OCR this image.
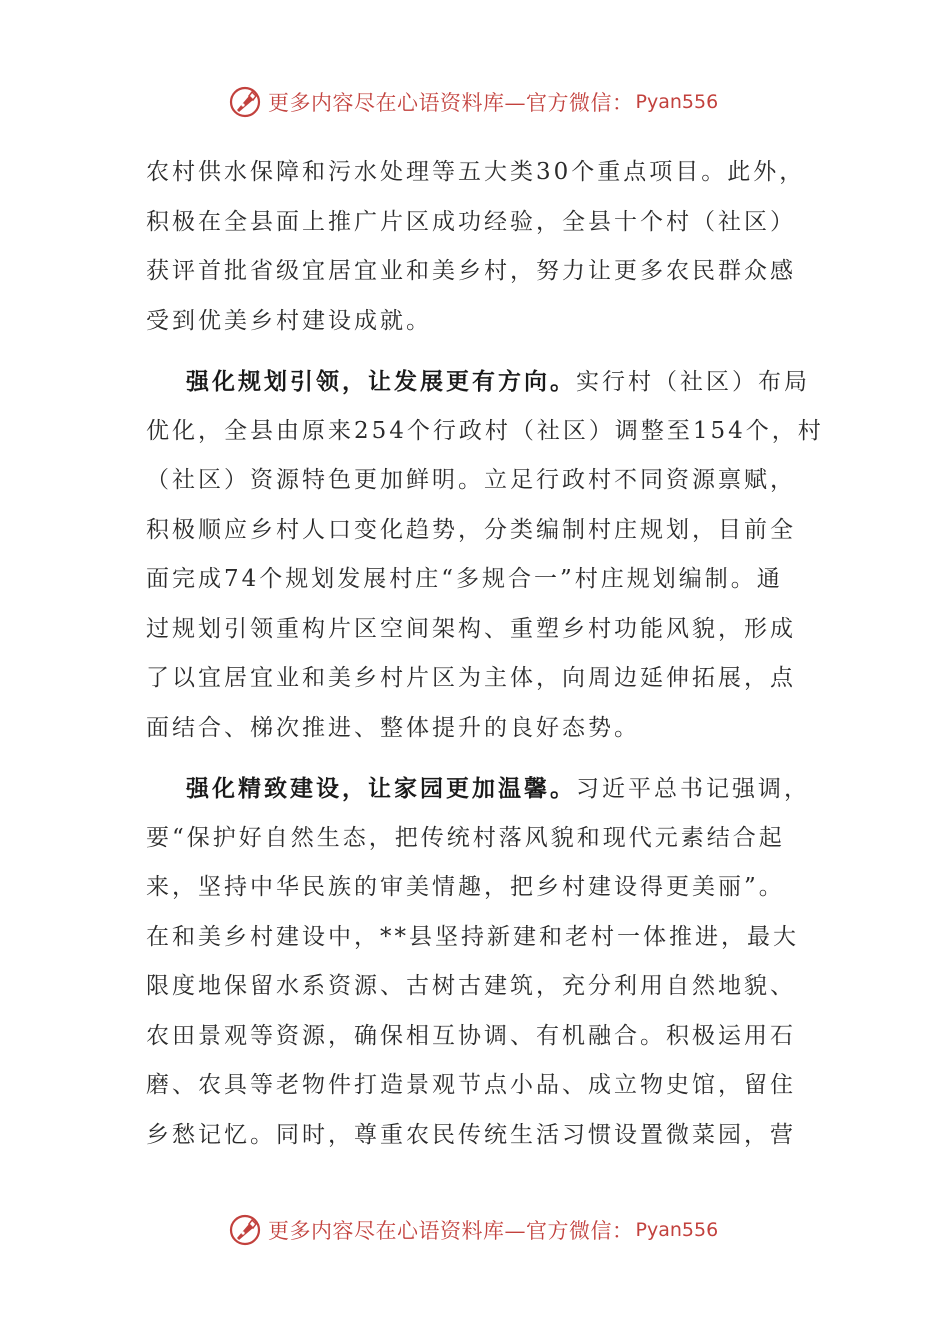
更多内容尽在心语资料库—官方微信： Pyan556
农村供水保障和污水处理等五大类30个重点项目。此外，
积极在全县面上推广片区成功经验，全县十个村（社区）
获评首批省级宜居宜业和美乡村，努力让更多农民群众感
受到优美乡村建设成就。
强化规划引领，让发展更有方向。实行村（社区）布局
优化，全县由原来254个行政村（社区）调整至154个，村
（社区）资源特色更加鲜明。立足行政村不同资源禀赋，
积极顺应乡村人口变化趋势，分类编制村庄规划，目前全
面完成74个规划发展村庄“多规合一”村庄规划编制。通
过规划引领重构片区空间架构、重塑乡村功能风貌，形成
了以宜居宜业和美乡村片区为主体，向周边延伸拓展，点
面结合、梯次推进、整体提升的良好态势。
强化精致建设，让家园更加温馨。习近平总书记强调，
要“保护好自然生态，把传统村落风貌和现代元素结合起
来，坚持中华民族的审美情趣，把乡村建设得更美丽”。
在和美乡村建设中，**县坚持新建和老村一体推进，最大
限度地保留水系资源、古树古建筑，充分利用自然地貌、
农田景观等资源，确保相互协调、有机融合。积极运用石
磨、农具等老物件打造景观节点小品、成立物史馆，留住
乡愁记忆。同时，尊重农民传统生活习惯设置微菜园，营
更多内容尽在心语资料库—官方微信： Pyan556
